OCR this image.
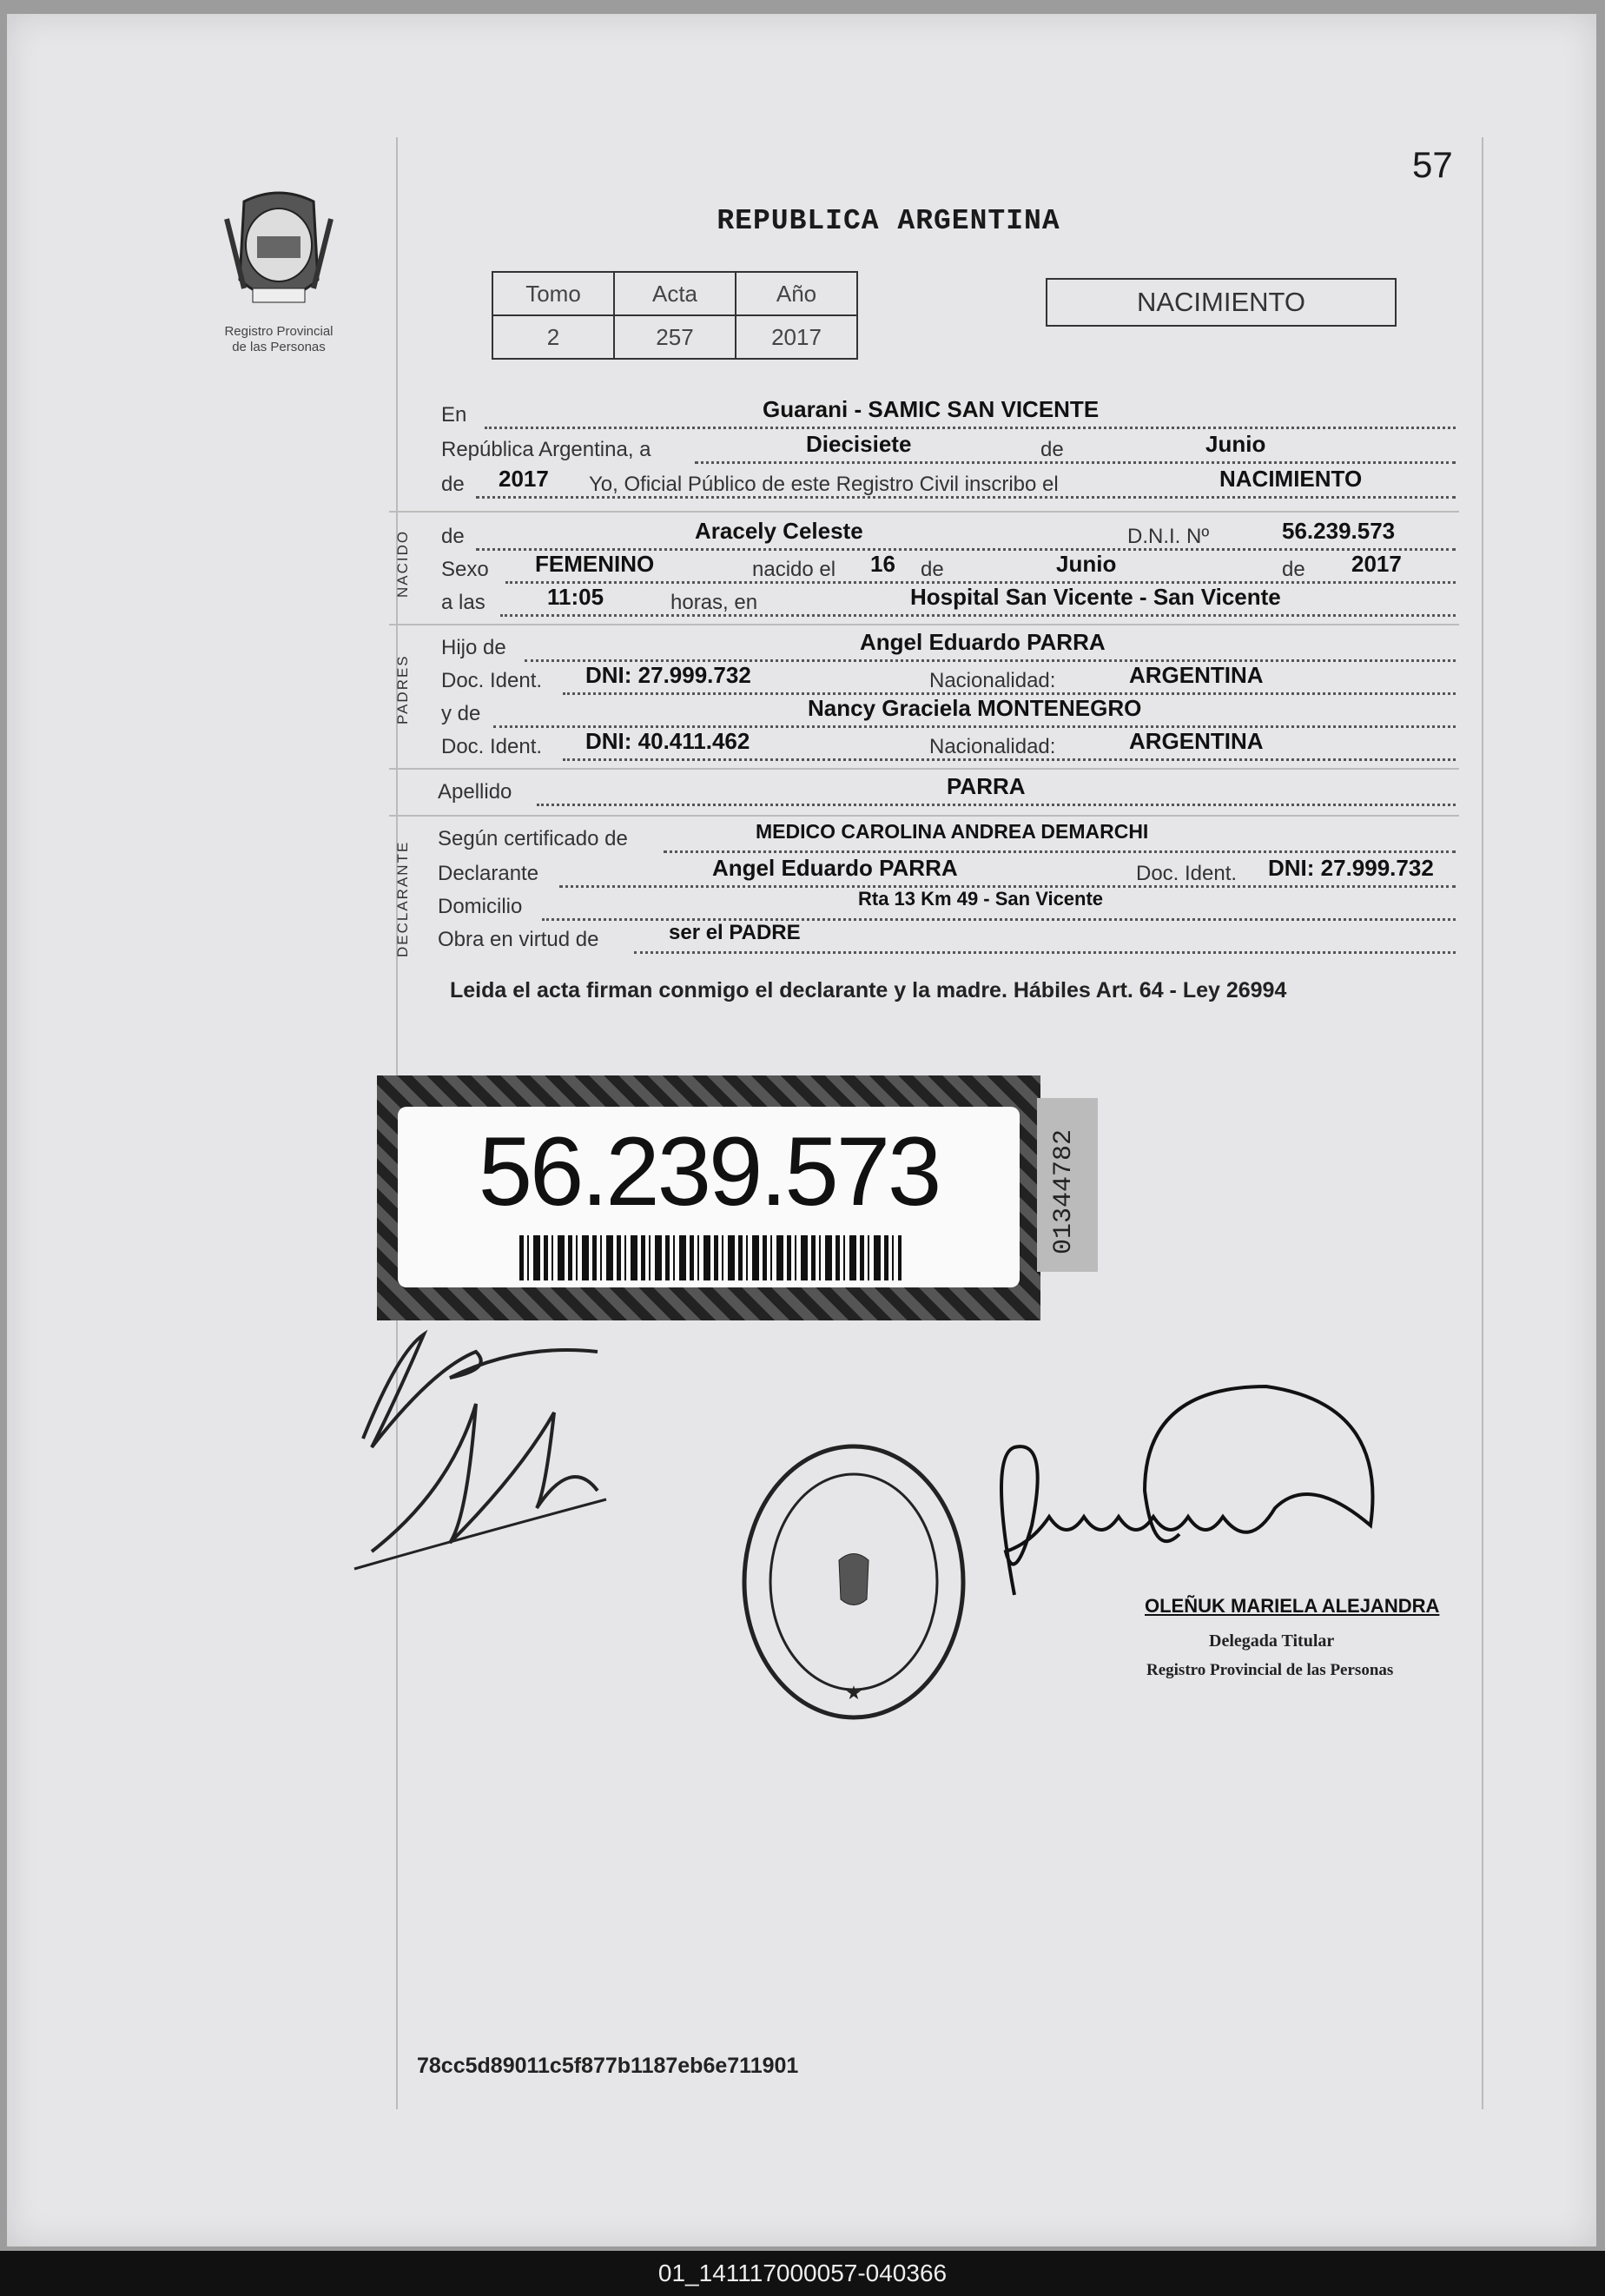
57
Registro Provincial
de las Personas
REPUBLICA ARGENTINA
Tomo	Acta	Año
2	257	2017
NACIMIENTO
En	Guarani - SAMIC SAN VICENTE
República Argentina, a	Diecisiete	de	Junio
de 2017 Yo, Oficial Público de este Registro Civil inscribo el	NACIMIENTO
NACIDO de	Aracely Celeste	D.N.I. Nº	56.239.573
Sexo FEMENINO	nacido el 16 de	Junio	de 2017
a las	11:05	horas, en	Hospital San Vicente - San Vicente
PADRES
Hijo de	Angel Eduardo PARRA
Doc. Ident. DNI: 27.999.732	Nacionalidad:	ARGENTINA
y de	Nancy Graciela MONTENEGRO
Doc. Ident. DNI: 40.411.462	Nacionalidad:	ARGENTINA
Apellido	PARRA
DECLARANTE
Según certificado de	MEDICO CAROLINA ANDREA DEMARCHI
Declarante	Angel Eduardo PARRA	Doc. Ident. DNI: 27.999.732
Domicilio	Rta 13 Km 49 - San Vicente
Obra en virtud de	ser el PADRE
Leida el acta firman conmigo el declarante y la madre. Hábiles Art. 64 - Ley 26994
56.239.573	01344782
★
OLEÑUK MARIELA ALEJANDRA
Delegada Titular
Registro Provincial de las Personas
78cc5d89011c5f877b1187eb6e711901
01_141117000057-040366
